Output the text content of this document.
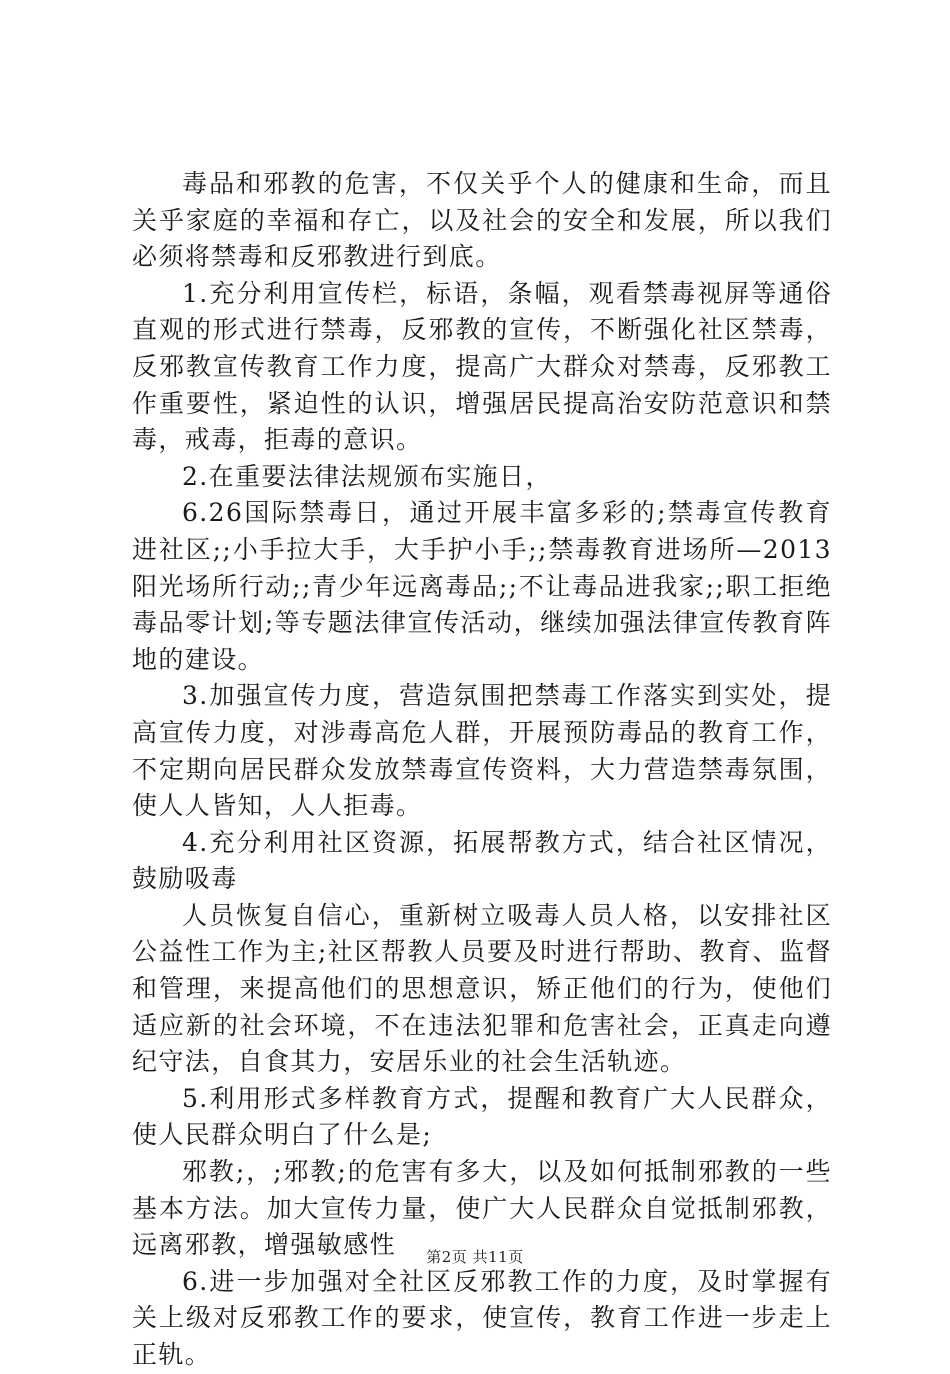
毒品和邪教的危害，不仅关乎个人的健康和生命，而且关乎家庭的幸福和存亡，以及社会的安全和发展，所以我们必须将禁毒和反邪教进行到底。

1.充分利用宣传栏，标语，条幅，观看禁毒视屏等通俗直观的形式进行禁毒，反邪教的宣传，不断强化社区禁毒，反邪教宣传教育工作力度，提高广大群众对禁毒，反邪教工作重要性，紧迫性的认识，增强居民提高治安防范意识和禁毒，戒毒，拒毒的意识。

2.在重要法律法规颁布实施日，

6.26国际禁毒日，通过开展丰富多彩的;禁毒宣传教育进社区;;小手拉大手，大手护小手;;禁毒教育进场所—2013阳光场所行动;;青少年远离毒品;;不让毒品进我家;;职工拒绝毒品零计划;等专题法律宣传活动，继续加强法律宣传教育阵地的建设。

3.加强宣传力度，营造氛围把禁毒工作落实到实处，提高宣传力度，对涉毒高危人群，开展预防毒品的教育工作，不定期向居民群众发放禁毒宣传资料，大力营造禁毒氛围，使人人皆知，人人拒毒。

4.充分利用社区资源，拓展帮教方式，结合社区情况，鼓励吸毒

人员恢复自信心，重新树立吸毒人员人格，以安排社区公益性工作为主;社区帮教人员要及时进行帮助、教育、监督和管理，来提高他们的思想意识，矫正他们的行为，使他们适应新的社会环境，不在违法犯罪和危害社会，正真走向遵纪守法，自食其力，安居乐业的社会生活轨迹。

5.利用形式多样教育方式，提醒和教育广大人民群众，使人民群众明白了什么是;

邪教;，;邪教;的危害有多大，以及如何抵制邪教的一些基本方法。加大宣传力量，使广大人民群众自觉抵制邪教，远离邪教，增强敏感性

6.进一步加强对全社区反邪教工作的力度，及时掌握有关上级对反邪教工作的要求，使宣传，教育工作进一步走上正轨。

第2页 共11页
